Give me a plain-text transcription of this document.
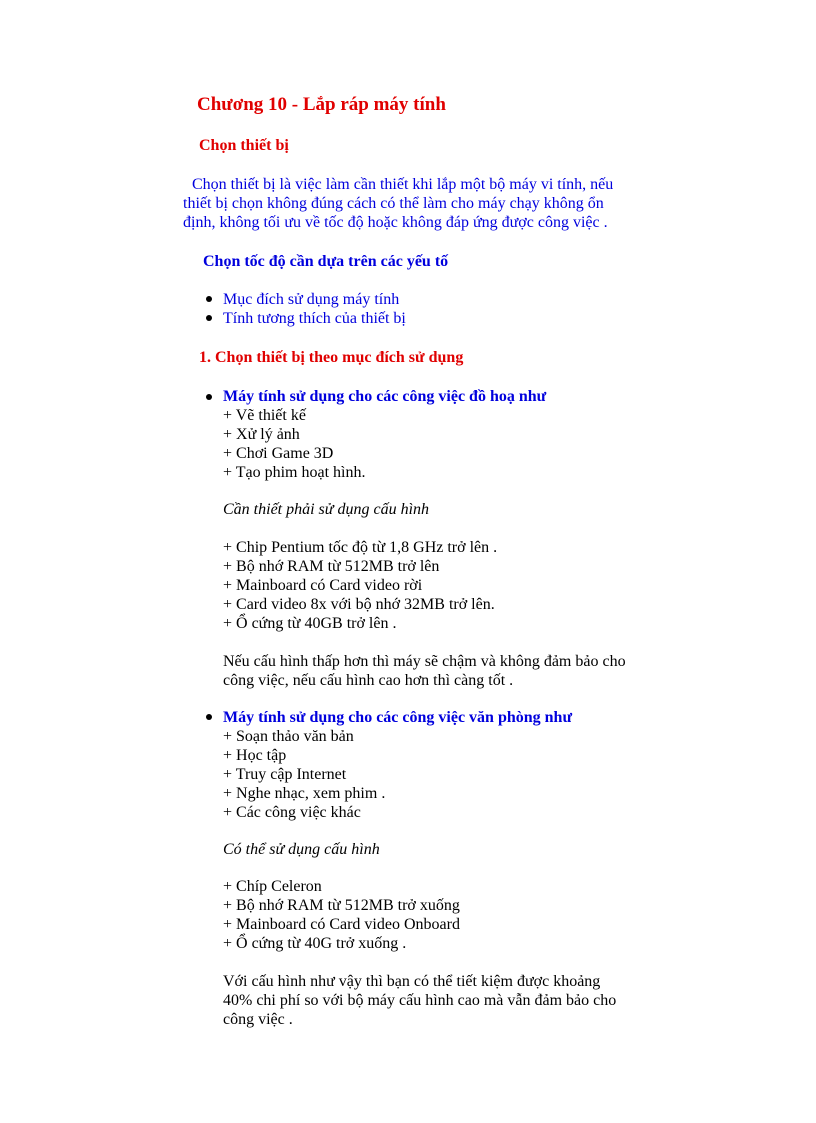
Chương 10 - Lắp ráp máy tính
Chọn thiết bị
Chọn thiết bị là việc làm cần thiết khi lắp một bộ máy vi tính, nếu
thiết bị chọn không đúng cách có thể làm cho máy chạy không ổn
định, không tối ưu về tốc độ hoặc không đáp ứng được công việc .
Chọn tốc độ cần dựa trên các yếu tố
Mục đích sử dụng máy tính
Tính tương thích của thiết bị
1. Chọn thiết bị theo mục đích sử dụng
Máy tính sử dụng cho các công việc đồ hoạ như
+ Vẽ thiết kế
+ Xử lý ảnh
+ Chơi Game 3D
+ Tạo phim hoạt hình.
Cần thiết phải sử dụng cấu hình
+ Chip Pentium tốc độ từ 1,8 GHz trở lên .
+ Bộ nhớ RAM từ 512MB trở lên
+ Mainboard có Card video rời
+ Card video 8x với bộ nhớ 32MB trở lên.
+ Ổ cứng từ 40GB trở lên .
Nếu cấu hình thấp hơn thì máy sẽ chậm và không đảm bảo cho
công việc, nếu cấu hình cao hơn thì càng tốt .
Máy tính sử dụng cho các công việc văn phòng như
+ Soạn thảo văn bản
+ Học tập
+ Truy cập Internet
+ Nghe nhạc, xem phim .
+ Các công việc khác
Có thể sử dụng cấu hình
+ Chíp Celeron
+ Bộ nhớ RAM từ 512MB trở xuống
+ Mainboard có Card video Onboard
+ Ổ cứng từ 40G trở xuống .
Với cấu hình như vậy thì bạn có thể tiết kiệm được khoảng
40% chi phí so với bộ máy cấu hình cao mà vẫn đảm bảo cho
công việc .
